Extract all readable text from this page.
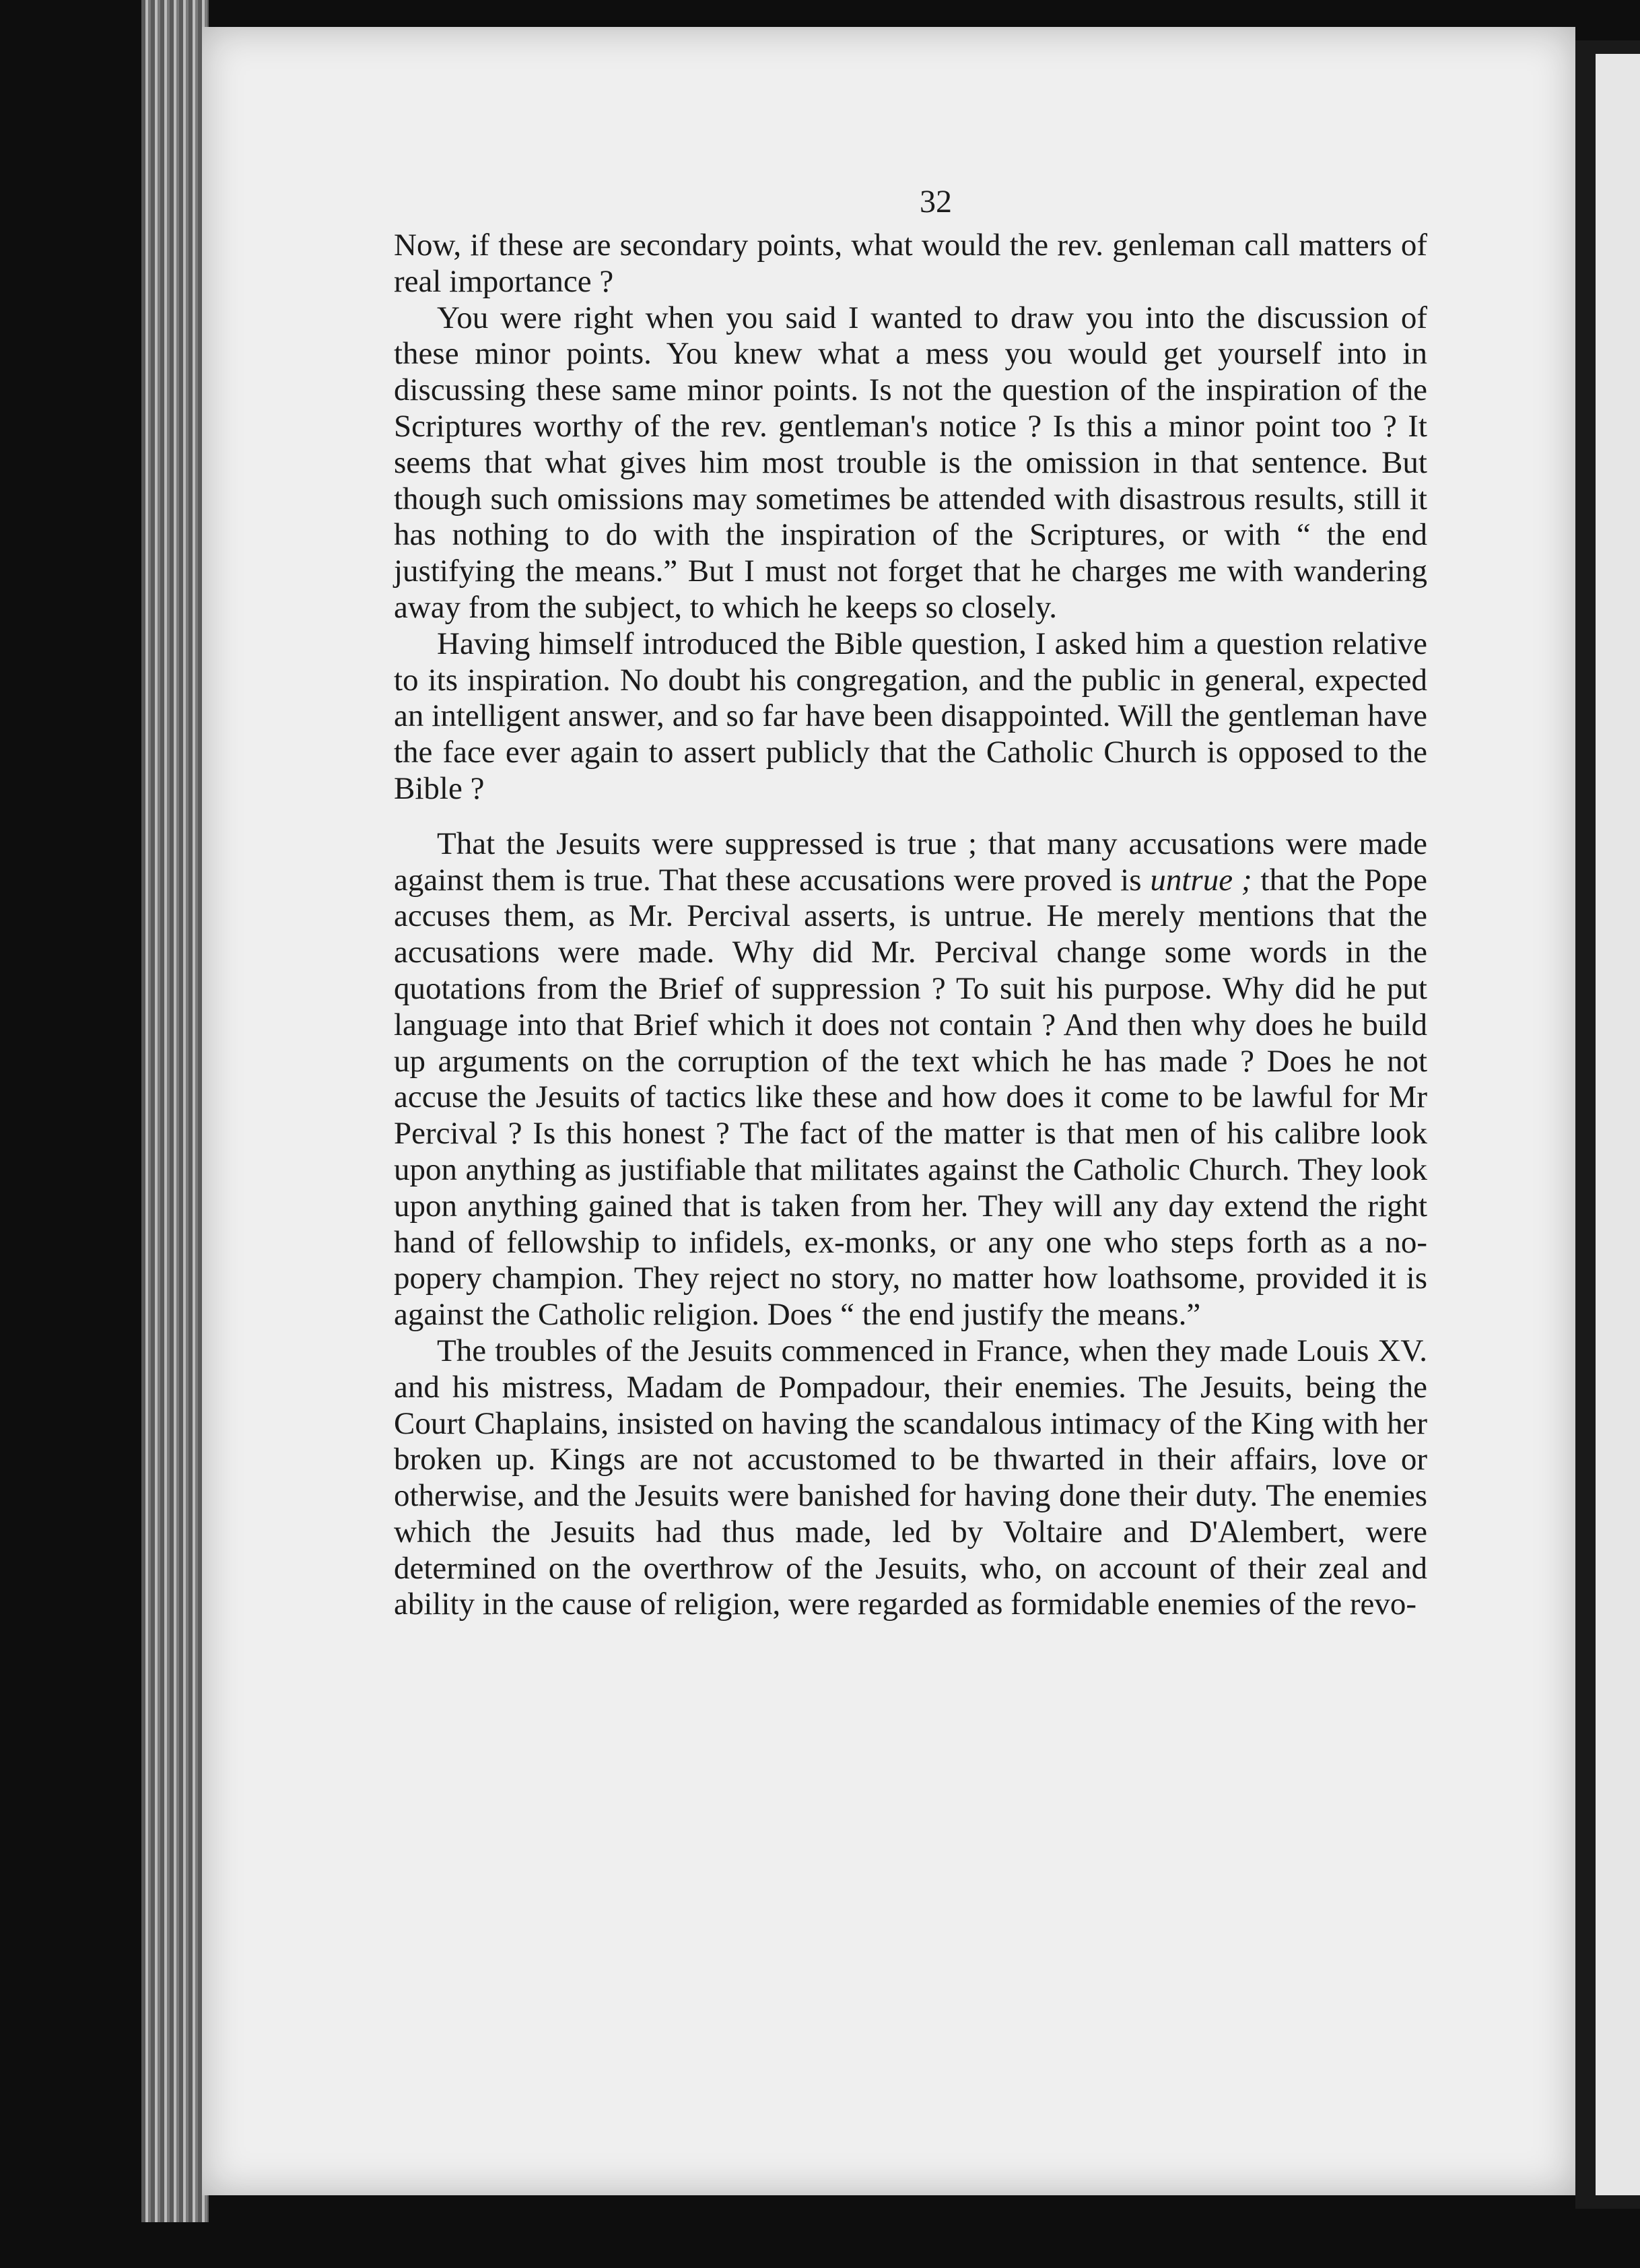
32

Now, if these are secondary points, what would the rev. genleman call matters of real importance ?

You were right when you said I wanted to draw you into the discussion of these minor points. You knew what a mess you would get yourself into in discussing these same minor points. Is not the question of the inspiration of the Scriptures worthy of the rev. gentleman's notice ? Is this a minor point too ? It seems that what gives him most trouble is the omission in that sentence. But though such omissions may sometimes be attended with disastrous results, still it has nothing to do with the inspiration of the Scriptures, or with “ the end justifying the means.” But I must not forget that he charges me with wandering away from the subject, to which he keeps so closely.

Having himself introduced the Bible question, I asked him a question relative to its inspiration. No doubt his congregation, and the public in general, expected an intelligent answer, and so far have been disappointed. Will the gentleman have the face ever again to assert publicly that the Catholic Church is opposed to the Bible ?

That the Jesuits were suppressed is true ; that many accusations were made against them is true. That these accusations were proved is untrue ; that the Pope accuses them, as Mr. Percival asserts, is untrue. He merely mentions that the accusations were made. Why did Mr. Percival change some words in the quotations from the Brief of suppression ? To suit his purpose. Why did he put language into that Brief which it does not contain ? And then why does he build up arguments on the corruption of the text which he has made ? Does he not accuse the Jesuits of tactics like these and how does it come to be lawful for Mr Percival ? Is this honest ? The fact of the matter is that men of his calibre look upon anything as justifiable that militates against the Catholic Church. They look upon anything gained that is taken from her. They will any day extend the right hand of fellowship to infidels, ex-monks, or any one who steps forth as a no-popery champion. They reject no story, no matter how loathsome, provided it is against the Catholic religion. Does “ the end justify the means.”

The troubles of the Jesuits commenced in France, when they made Louis XV. and his mistress, Madam de Pompadour, their enemies. The Jesuits, being the Court Chaplains, insisted on having the scandalous intimacy of the King with her broken up. Kings are not accustomed to be thwarted in their affairs, love or otherwise, and the Jesuits were banished for having done their duty. The enemies which the Jesuits had thus made, led by Voltaire and D'Alembert, were determined on the overthrow of the Jesuits, who, on account of their zeal and ability in the cause of religion, were regarded as formidable enemies of the revo-
